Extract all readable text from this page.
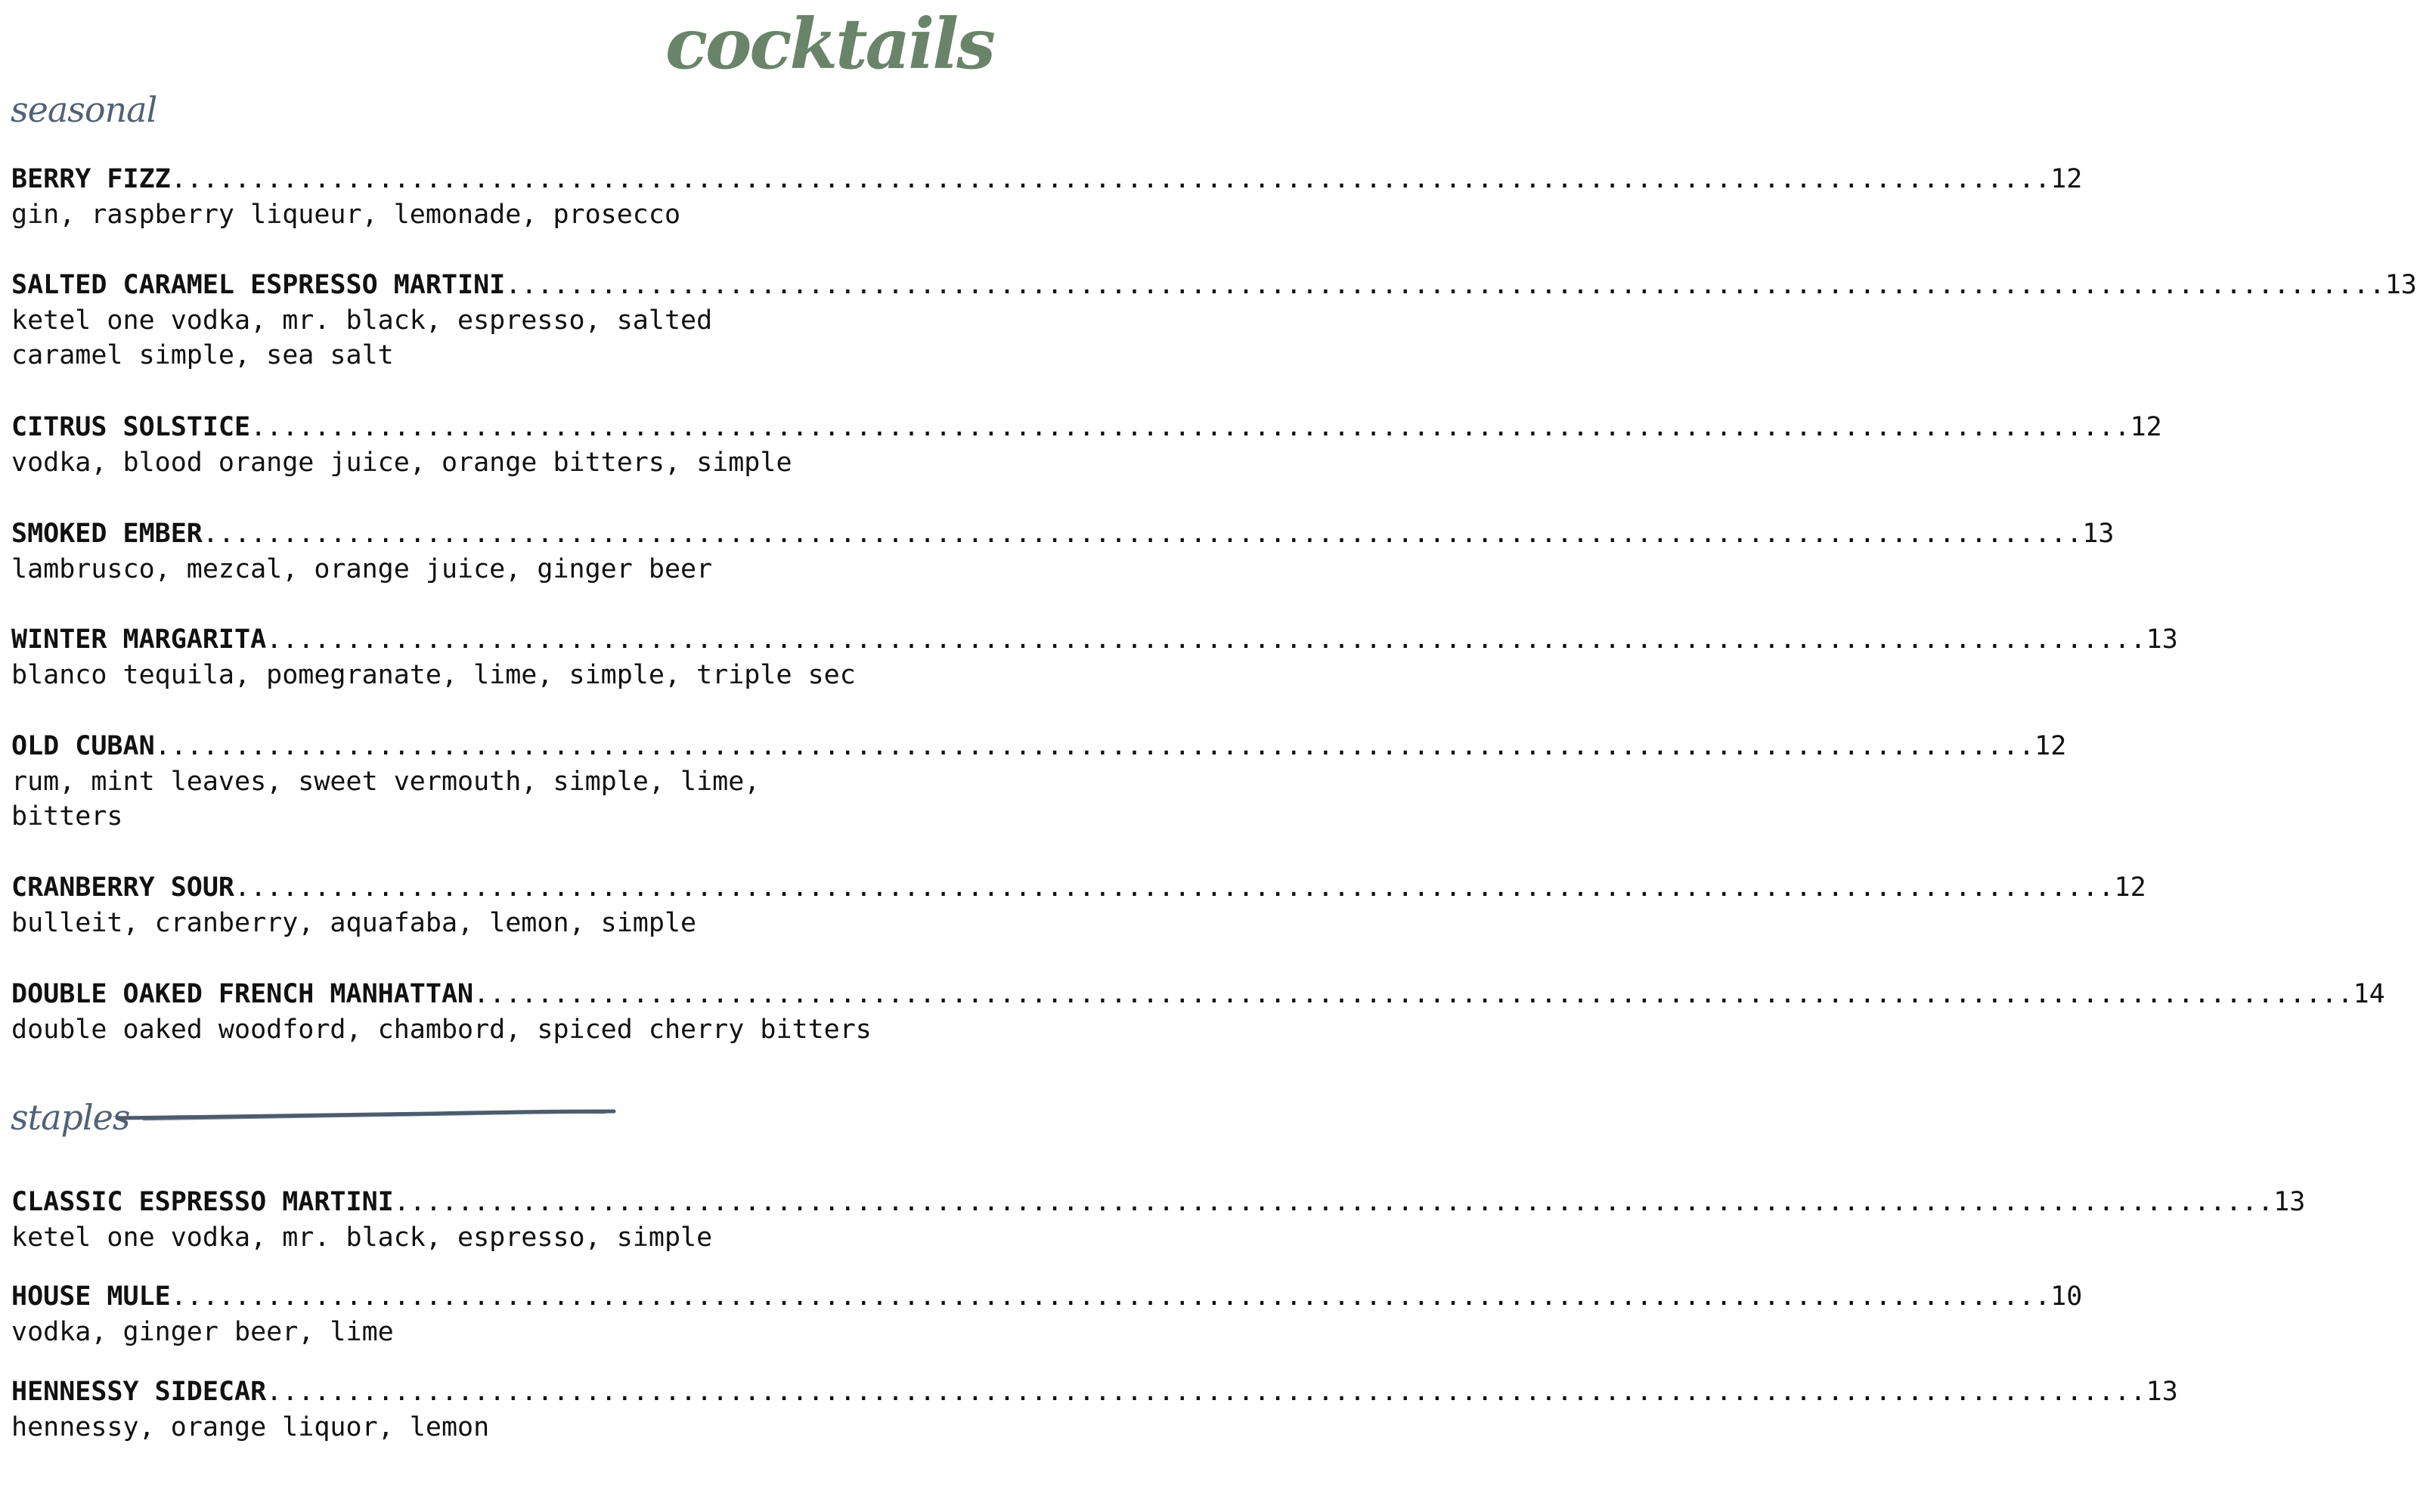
cocktails
seasonal
BERRY FIZZ .....	12
gin, raspberry liqueur, lemonade, prosecco
SALTED CARAMEL ESPRESSO MARTINI .....	13
ketel one vodka, mr. black, espresso, salted caramel simple, sea salt
CITRUS SOLSTICE .....	12
vodka, blood orange juice, orange bitters, simple
SMOKED EMBER .....	13
lambrusco, mezcal, orange juice, ginger beer
WINTER MARGARITA .....	13
blanco tequila, pomegranate, lime, simple, triple sec
OLD CUBAN .....	12
rum, mint leaves, sweet vermouth, simple, lime, bitters
CRANBERRY SOUR .....	12
bulleit, cranberry, aquafaba, lemon, simple
DOUBLE OAKED FRENCH MANHATTAN .....	14
double oaked woodford, chambord, spiced cherry bitters
staples
CLASSIC ESPRESSO MARTINI .....	13
ketel one vodka, mr. black, espresso, simple
HOUSE MULE .....	10
vodka, ginger beer, lime
HENNESSY SIDECAR .....	13
hennessy, orange liquor, lemon
